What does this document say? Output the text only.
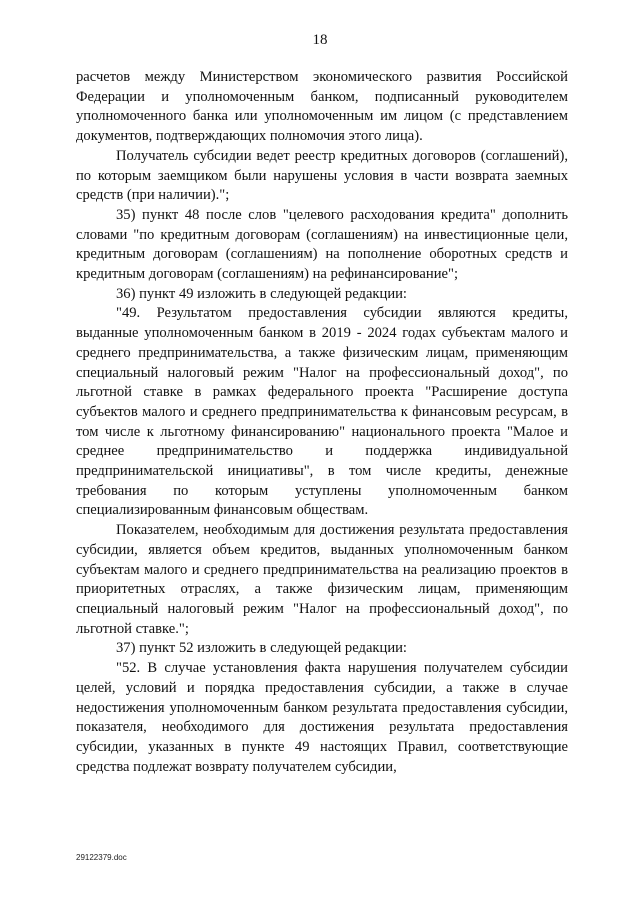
18

расчетов между Министерством экономического развития Российской Федерации и уполномоченным банком, подписанный руководителем уполномоченного банка или уполномоченным им лицом (с представлением документов, подтверждающих полномочия этого лица).

Получатель субсидии ведет реестр кредитных договоров (соглашений), по которым заемщиком были нарушены условия в части возврата заемных средств (при наличии).";

35) пункт 48 после слов "целевого расходования кредита" дополнить словами "по кредитным договорам (соглашениям) на инвестиционные цели, кредитным договорам (соглашениям) на пополнение оборотных средств и кредитным договорам (соглашениям) на рефинансирование";

36) пункт 49 изложить в следующей редакции:

"49. Результатом предоставления субсидии являются кредиты, выданные уполномоченным банком в 2019 - 2024 годах субъектам малого и среднего предпринимательства, а также физическим лицам, применяющим специальный налоговый режим "Налог на профессиональный доход", по льготной ставке в рамках федерального проекта "Расширение доступа субъектов малого и среднего предпринимательства к финансовым ресурсам, в том числе к льготному финансированию" национального проекта "Малое и среднее предпринимательство и поддержка индивидуальной предпринимательской инициативы", в том числе кредиты, денежные требования по которым уступлены уполномоченным банком специализированным финансовым обществам.

Показателем, необходимым для достижения результата предоставления субсидии, является объем кредитов, выданных уполномоченным банком субъектам малого и среднего предпринимательства на реализацию проектов в приоритетных отраслях, а также физическим лицам, применяющим специальный налоговый режим "Налог на профессиональный доход", по льготной ставке.";

37) пункт 52 изложить в следующей редакции:

"52. В случае установления факта нарушения получателем субсидии целей, условий и порядка предоставления субсидии, а также в случае недостижения уполномоченным банком результата предоставления субсидии, показателя, необходимого для достижения результата предоставления субсидии, указанных в пункте 49 настоящих Правил, соответствующие средства подлежат возврату получателем субсидии,

29122379.doc
